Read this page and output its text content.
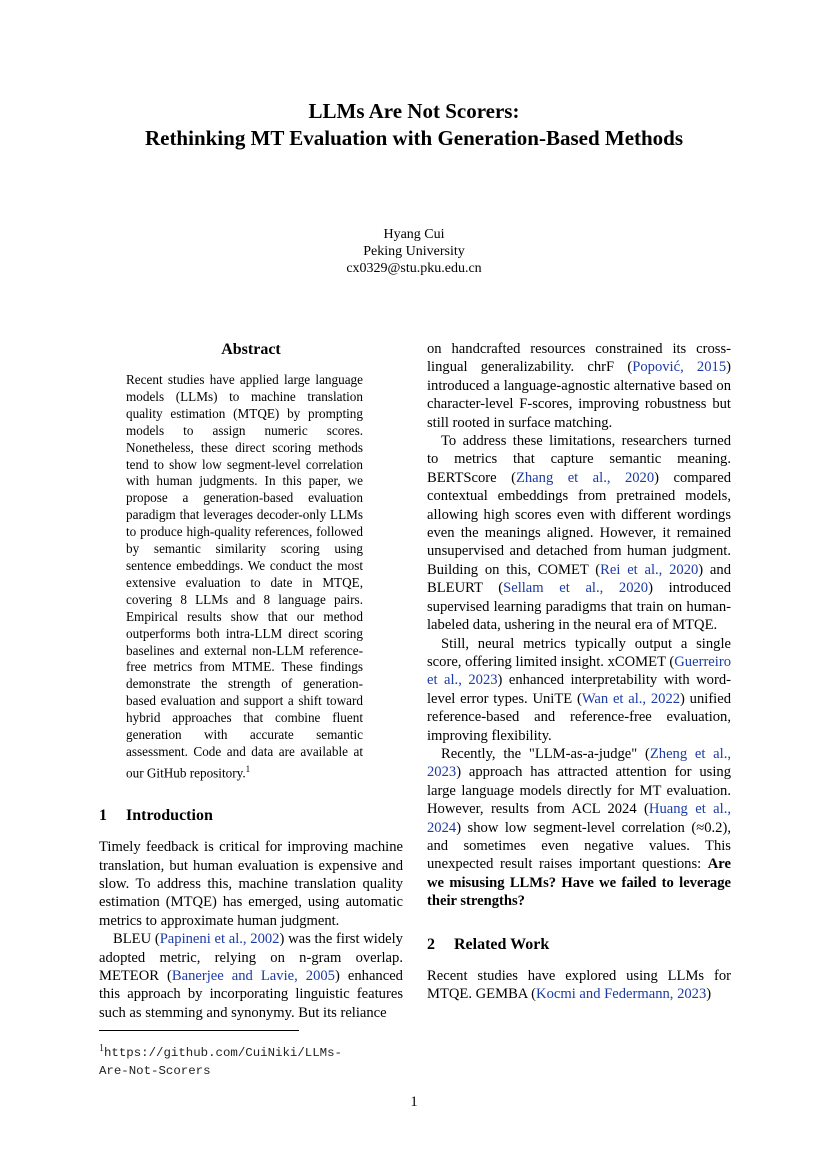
LLMs Are Not Scorers:
Rethinking MT Evaluation with Generation-Based Methods
Hyang Cui
Peking University
cx0329@stu.pku.edu.cn
Abstract
Recent studies have applied large language models (LLMs) to machine translation quality estimation (MTQE) by prompting models to assign numeric scores. Nonetheless, these direct scoring methods tend to show low segment-level correlation with human judgments. In this paper, we propose a generation-based evaluation paradigm that leverages decoder-only LLMs to produce high-quality references, followed by semantic similarity scoring using sentence embeddings. We conduct the most extensive evaluation to date in MTQE, covering 8 LLMs and 8 language pairs. Empirical results show that our method outperforms both intra-LLM direct scoring baselines and external non-LLM reference-free metrics from MTME. These findings demonstrate the strength of generation-based evaluation and support a shift toward hybrid approaches that combine fluent generation with accurate semantic assessment. Code and data are available at our GitHub repository.$^1$
1 Introduction

Timely feedback is critical for improving machine translation, but human evaluation is expensive and slow. To address this, machine translation quality estimation (MTQE) has emerged, using automatic metrics to approximate human judgment.

BLEU (Papineni et al., 2002) was the first widely adopted metric, relying on n-gram overlap. METEOR (Banerjee and Lavie, 2005) enhanced this approach by incorporating linguistic features such as stemming and synonymy. But its reliance

on handcrafted resources constrained its cross-lingual generalizability. chrF (Popović, 2015) introduced a language-agnostic alternative based on character-level F-scores, improving robustness but still rooted in surface matching.

To address these limitations, researchers turned to metrics that capture semantic meaning. BERTScore (Zhang et al., 2020) compared contextual embeddings from pretrained models, allowing high scores even with different wordings even the meanings aligned. However, it remained unsupervised and detached from human judgment. Building on this, COMET (Rei et al., 2020) and BLEURT (Sellam et al., 2020) introduced supervised learning paradigms that train on human-labeled data, ushering in the neural era of MTQE.

Still, neural metrics typically output a single score, offering limited insight. xCOMET (Guerreiro et al., 2023) enhanced interpretability with word-level error types. UniTE (Wan et al., 2022) unified reference-based and reference-free evaluation, improving flexibility.

Recently, the "LLM-as-a-judge" (Zheng et al., 2023) approach has attracted attention for using large language models directly for MT evaluation. However, results from ACL 2024 (Huang et al., 2024) show low segment-level correlation (≈0.2), and sometimes even negative values. This unexpected result raises important questions: Are we misusing LLMs? Have we failed to leverage their strengths?

2 Related Work

Recent studies have explored using LLMs for MTQE. GEMBA (Kocmi and Federmann, 2023)

$^1$https://github.com/CuiNiki/LLMs-
Are-Not-Scorers
1
